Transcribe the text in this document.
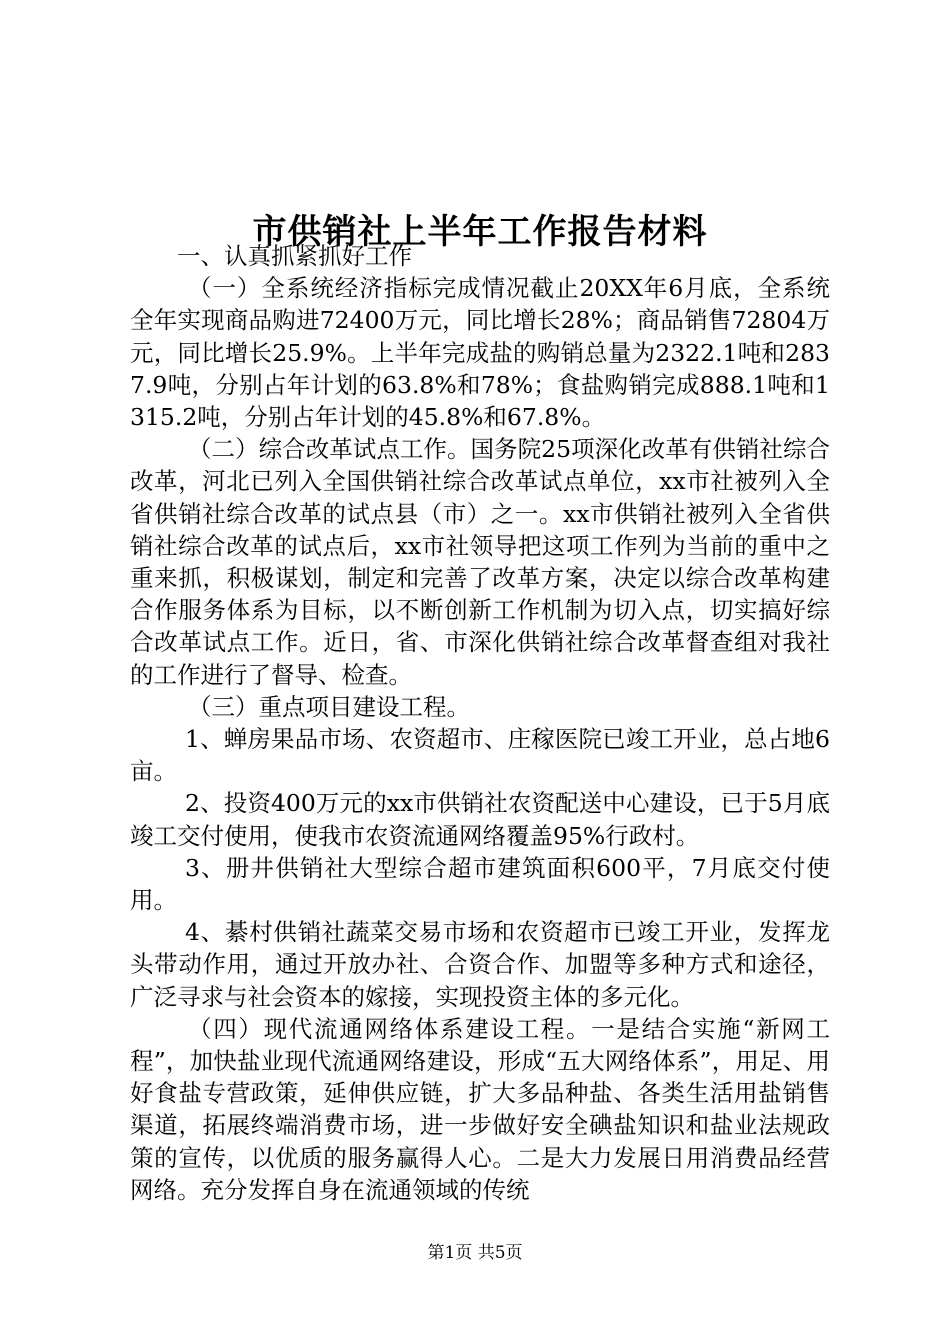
市供销社上半年工作报告材料

一、认真抓紧抓好工作

（一）全系统经济指标完成情况截止20XX年6月底，全系统全年实现商品购进72400万元，同比增长28%；商品销售72804万元，同比增长25.9%。上半年完成盐的购销总量为2322.1吨和2837.9吨，分别占年计划的63.8%和78%；食盐购销完成888.1吨和1315.2吨，分别占年计划的45.8%和67.8%。

（二）综合改革试点工作。国务院25项深化改革有供销社综合改革，河北已列入全国供销社综合改革试点单位，xx市社被列入全省供销社综合改革的试点县（市）之一。xx市供销社被列入全省供销社综合改革的试点后，xx市社领导把这项工作列为当前的重中之重来抓，积极谋划，制定和完善了改革方案，决定以综合改革构建合作服务体系为目标，以不断创新工作机制为切入点，切实搞好综合改革试点工作。近日，省、市深化供销社综合改革督查组对我社的工作进行了督导、检查。

（三）重点项目建设工程。

1、蝉房果品市场、农资超市、庄稼医院已竣工开业，总占地6亩。

2、投资400万元的xx市供销社农资配送中心建设，已于5月底竣工交付使用，使我市农资流通网络覆盖95%行政村。

3、册井供销社大型综合超市建筑面积600平，7月底交付使用。

4、綦村供销社蔬菜交易市场和农资超市已竣工开业，发挥龙头带动作用，通过开放办社、合资合作、加盟等多种方式和途径，广泛寻求与社会资本的嫁接，实现投资主体的多元化。

（四）现代流通网络体系建设工程。一是结合实施“新网工程”，加快盐业现代流通网络建设，形成“五大网络体系”，用足、用好食盐专营政策，延伸供应链，扩大多品种盐、各类生活用盐销售渠道，拓展终端消费市场，进一步做好安全碘盐知识和盐业法规政策的宣传，以优质的服务赢得人心。二是大力发展日用消费品经营网络。充分发挥自身在流通领域的传统

第1页 共5页
